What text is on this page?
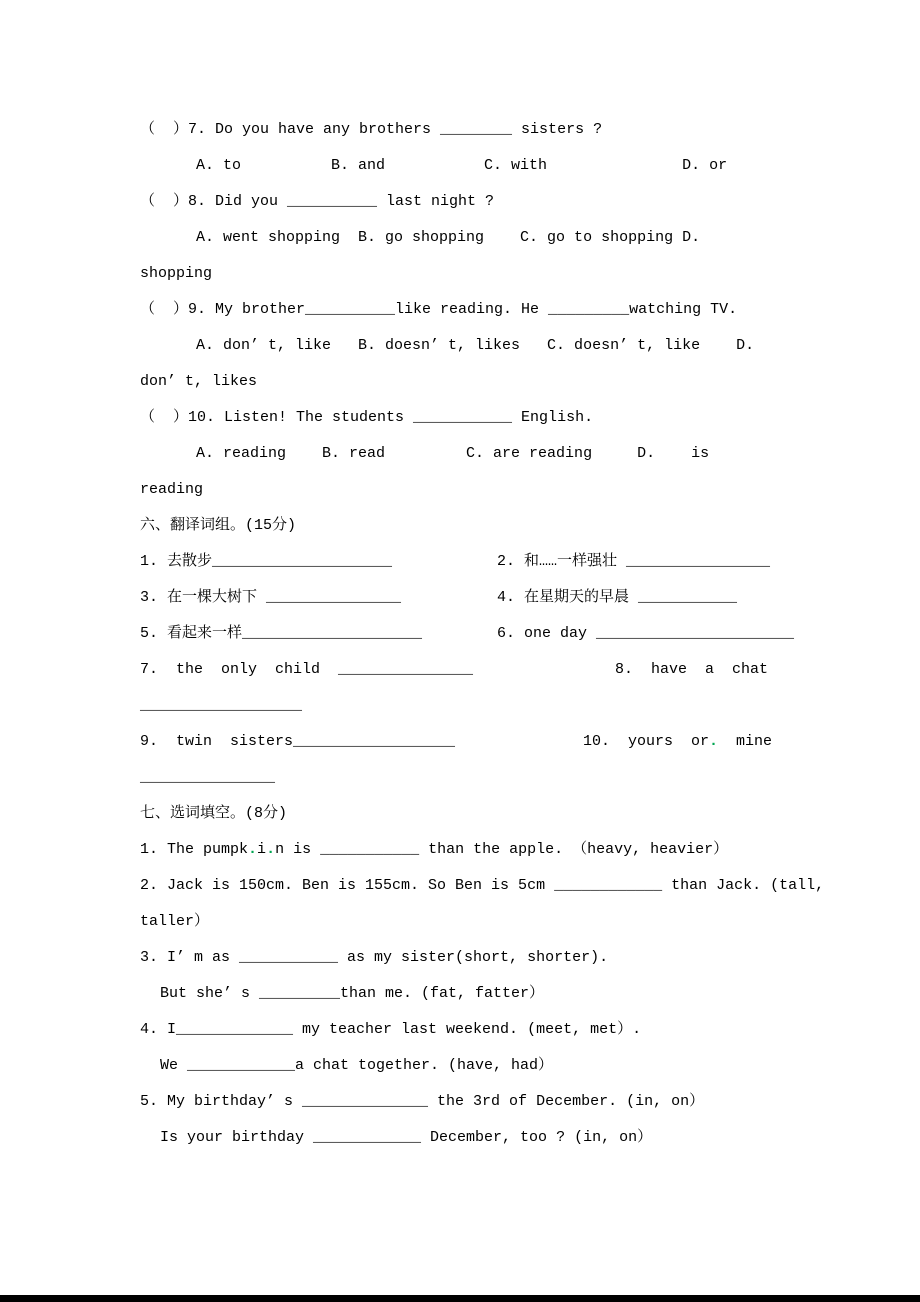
（  ）7. Do you have any brothers ________ sisters ?
A. to          B. and           C. with               D. or
（  ）8. Did you __________ last night ?
A. went shopping  B. go shopping    C. go to shopping D.
shopping
（  ）9. My brother__________like reading. He _________watching TV.
A. don’ t, like   B. doesn’ t, likes   C. doesn’ t, like    D.
don’ t, likes
（  ）10. Listen! The students ___________ English.
A. reading    B. read         C. are reading     D.    is
reading
六、翻译词组。(15分)
1. 去散步____________________	2. 和……一样强壮 ________________
3. 在一棵大树下 _______________	4. 在星期天的早晨 ___________
5. 看起来一样____________________	6. one day ______________________
7.  the  only  child  _______________	8.  have  a  chat
__________________
9.  twin  sisters__________________	10.  yours  or.  mine
_______________
七、选词填空。(8分)
1. The pumpk.i.n is ___________ than the apple. （heavy, heavier）
2. Jack is 150cm. Ben is 155cm. So Ben is 5cm ____________ than Jack. (tall,
taller）
3. I’ m as ___________ as my sister(short, shorter).
But she’ s _________than me. (fat, fatter）
4. I_____________ my teacher last weekend. (meet, met）.
We ____________a chat together. (have, had）
5. My birthday’ s ______________ the 3rd of December. (in, on）
Is your birthday ____________ December, too ? (in, on）
